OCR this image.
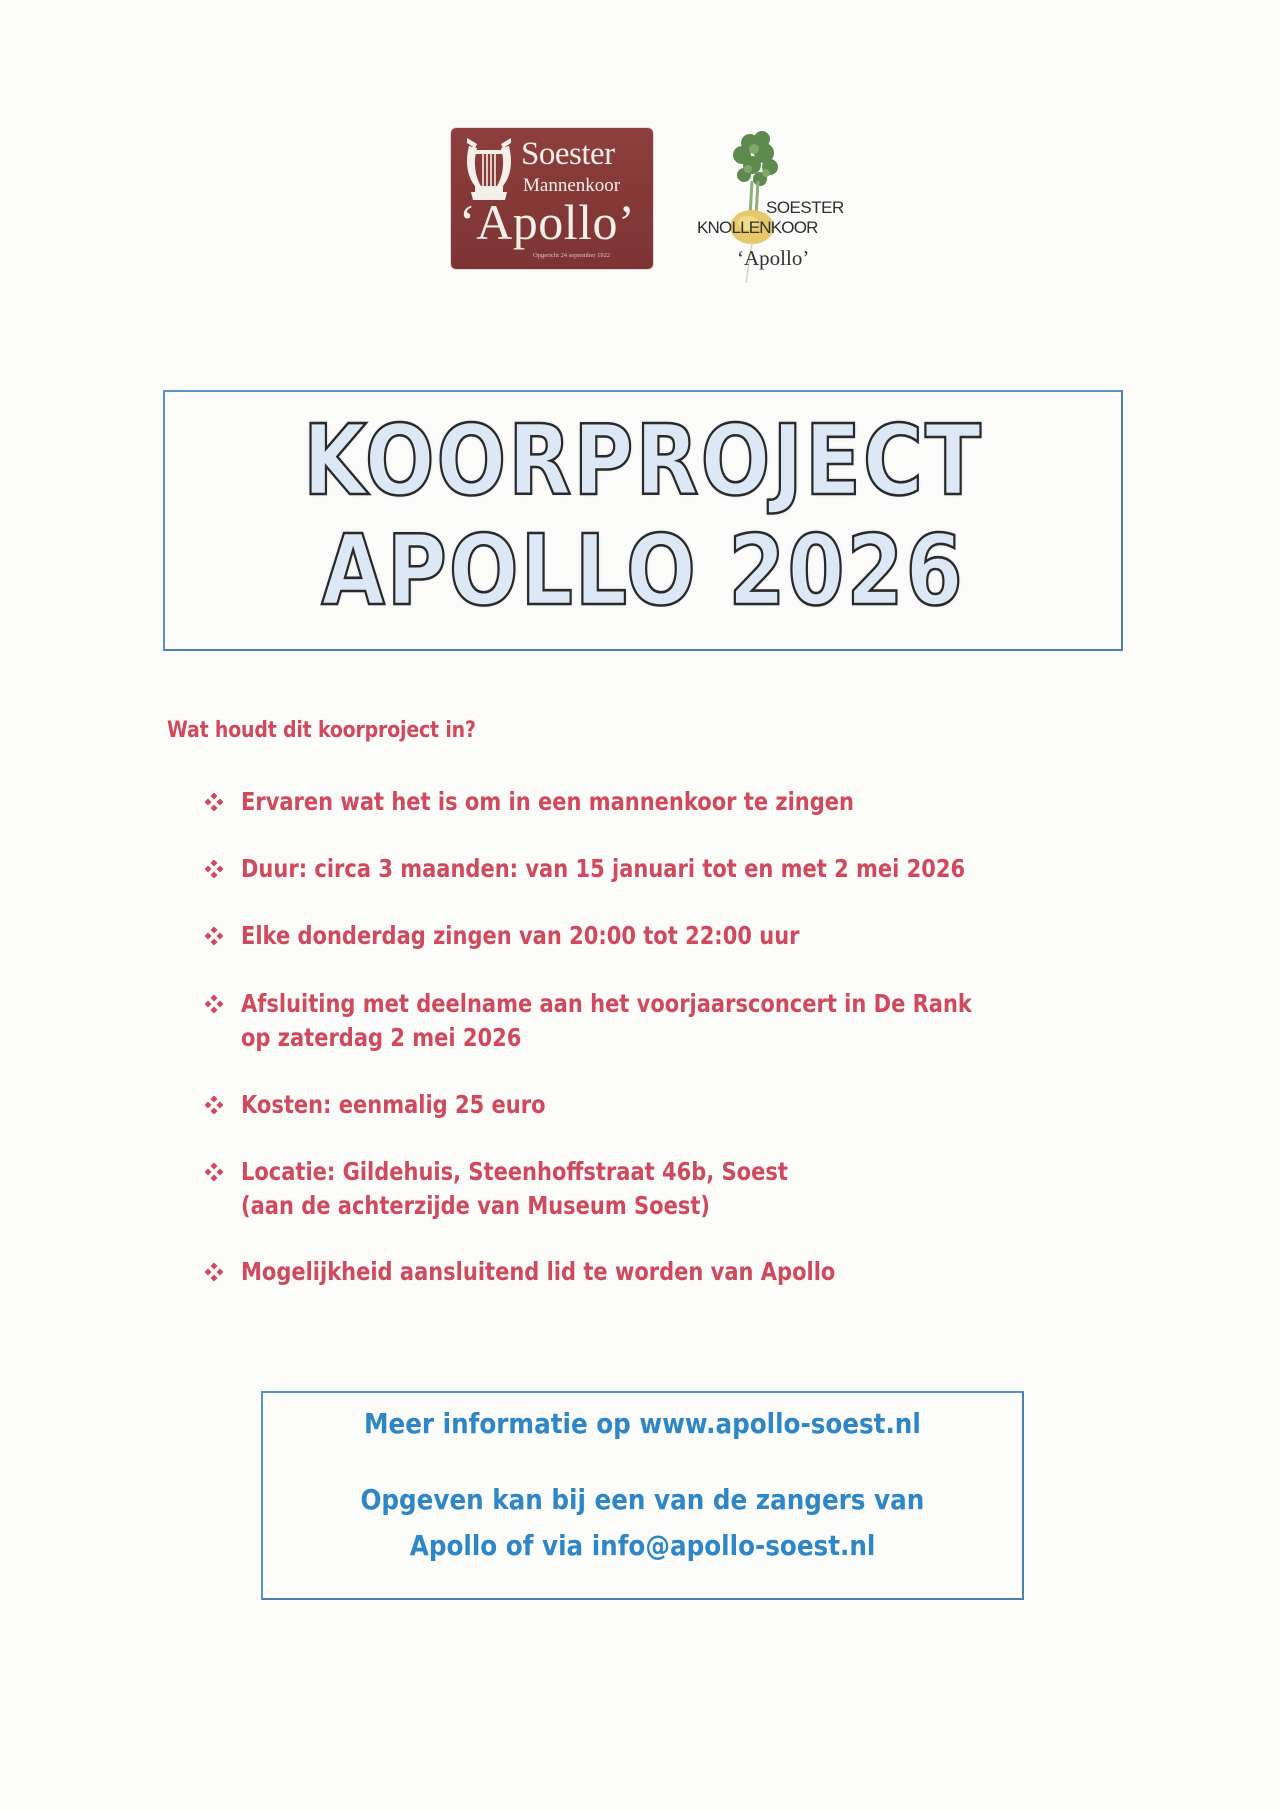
Soester
Mannenkoor
‘Apollo’
Opgericht 24 september 1922
SOESTER
KNOLLENKOOR
‘Apollo’
KOORPROJECT
APOLLO 2026
Wat houdt dit koorproject in?
Ervaren wat het is om in een mannenkoor te zingen
Duur: circa 3 maanden: van 15 januari tot en met 2 mei 2026
Elke donderdag zingen van 20:00 tot 22:00 uur
Afsluiting met deelname aan het voorjaarsconcert in De Rank
op zaterdag 2 mei 2026
Kosten: eenmalig 25 euro
Locatie: Gildehuis, Steenhoffstraat 46b, Soest
(aan de achterzijde van Museum Soest)
Mogelijkheid aansluitend lid te worden van Apollo
Meer informatie op www.apollo-soest.nl
Opgeven kan bij een van de zangers van
Apollo of via info@apollo-soest.nl
